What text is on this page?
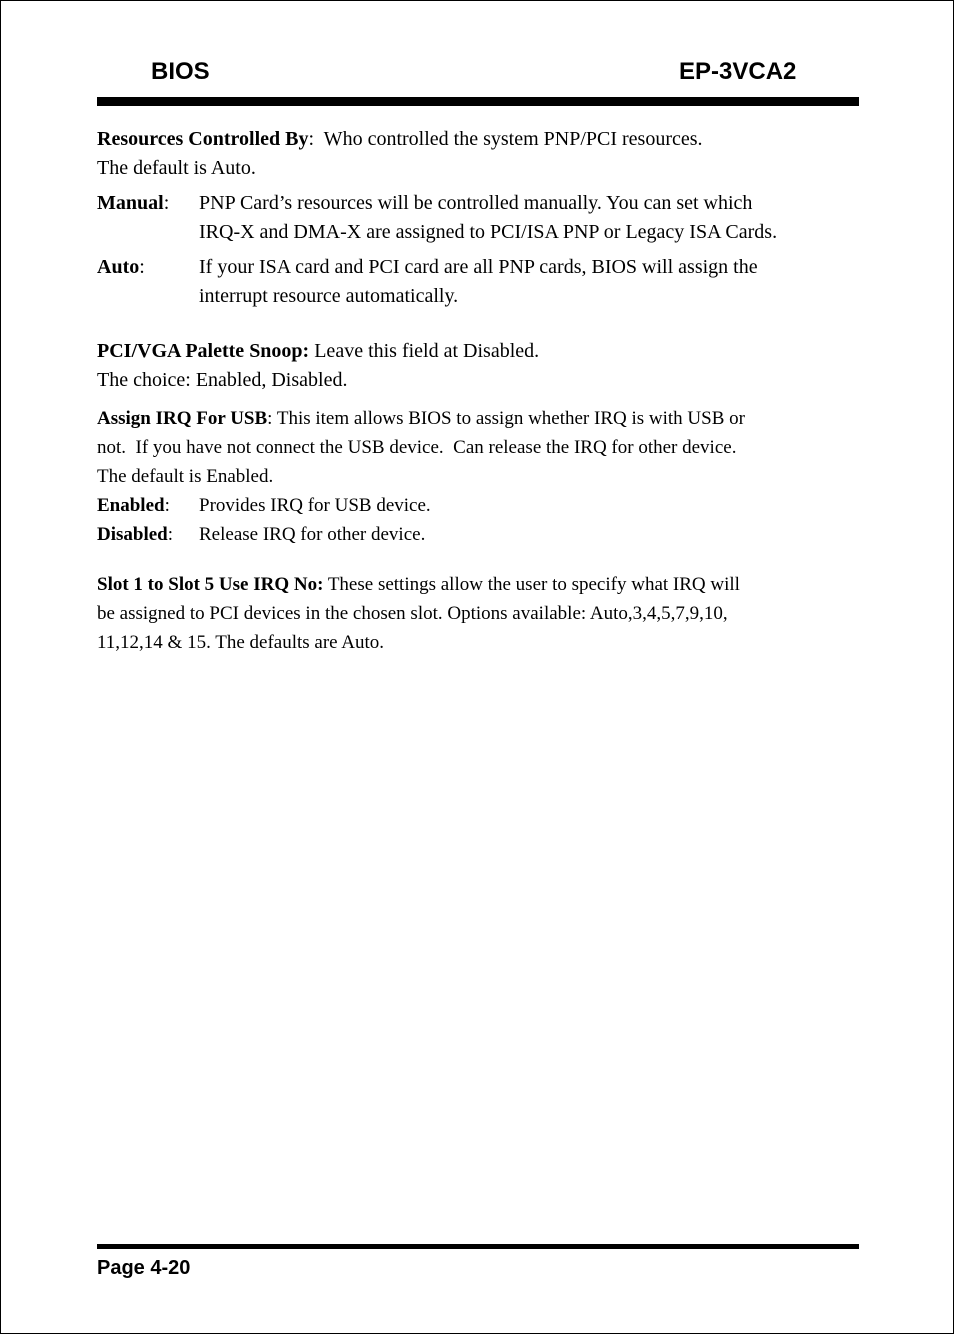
BIOS	EP-3VCA2
Resources Controlled By:  Who controlled the system PNP/PCI resources.
The default is Auto.
Manual:	PNP Card’s resources will be controlled manually. You can set which
IRQ-X and DMA-X are assigned to PCI/ISA PNP or Legacy ISA Cards.
Auto:	If your ISA card and PCI card are all PNP cards, BIOS will assign the
interrupt resource automatically.
PCI/VGA Palette Snoop: Leave this field at Disabled.
The choice: Enabled, Disabled.
Assign IRQ For USB: This item allows BIOS to assign whether IRQ is with USB or
not.  If you have not connect the USB device.  Can release the IRQ for other device.
The default is Enabled.
Enabled:	Provides IRQ for USB device.
Disabled:	Release IRQ for other device.
Slot 1 to Slot 5 Use IRQ No: These settings allow the user to specify what IRQ will
be assigned to PCI devices in the chosen slot. Options available: Auto,3,4,5,7,9,10,
11,12,14 & 15. The defaults are Auto.
Page 4-20
